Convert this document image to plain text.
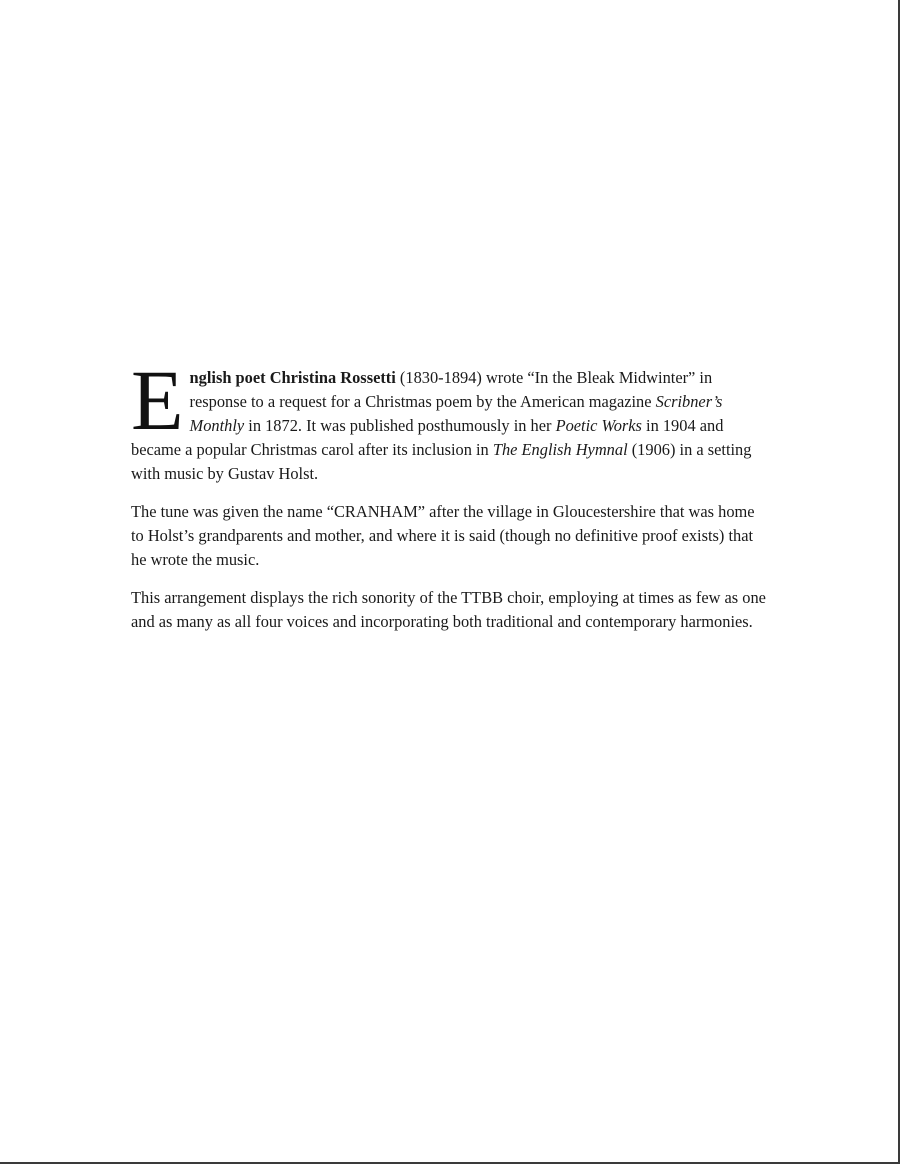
English poet Christina Rossetti (1830-1894) wrote “In the Bleak Midwinter” in response to a request for a Christmas poem by the American magazine Scribner’s Monthly in 1872. It was published posthumously in her Poetic Works in 1904 and became a popular Christmas carol after its inclusion in The English Hymnal (1906) in a setting with music by Gustav Holst.

The tune was given the name “CRANHAM” after the village in Gloucestershire that was home to Holst’s grandparents and mother, and where it is said (though no definitive proof exists) that he wrote the music.

This arrangement displays the rich sonority of the TTBB choir, employing at times as few as one and as many as all four voices and incorporating both traditional and contemporary harmonies.
